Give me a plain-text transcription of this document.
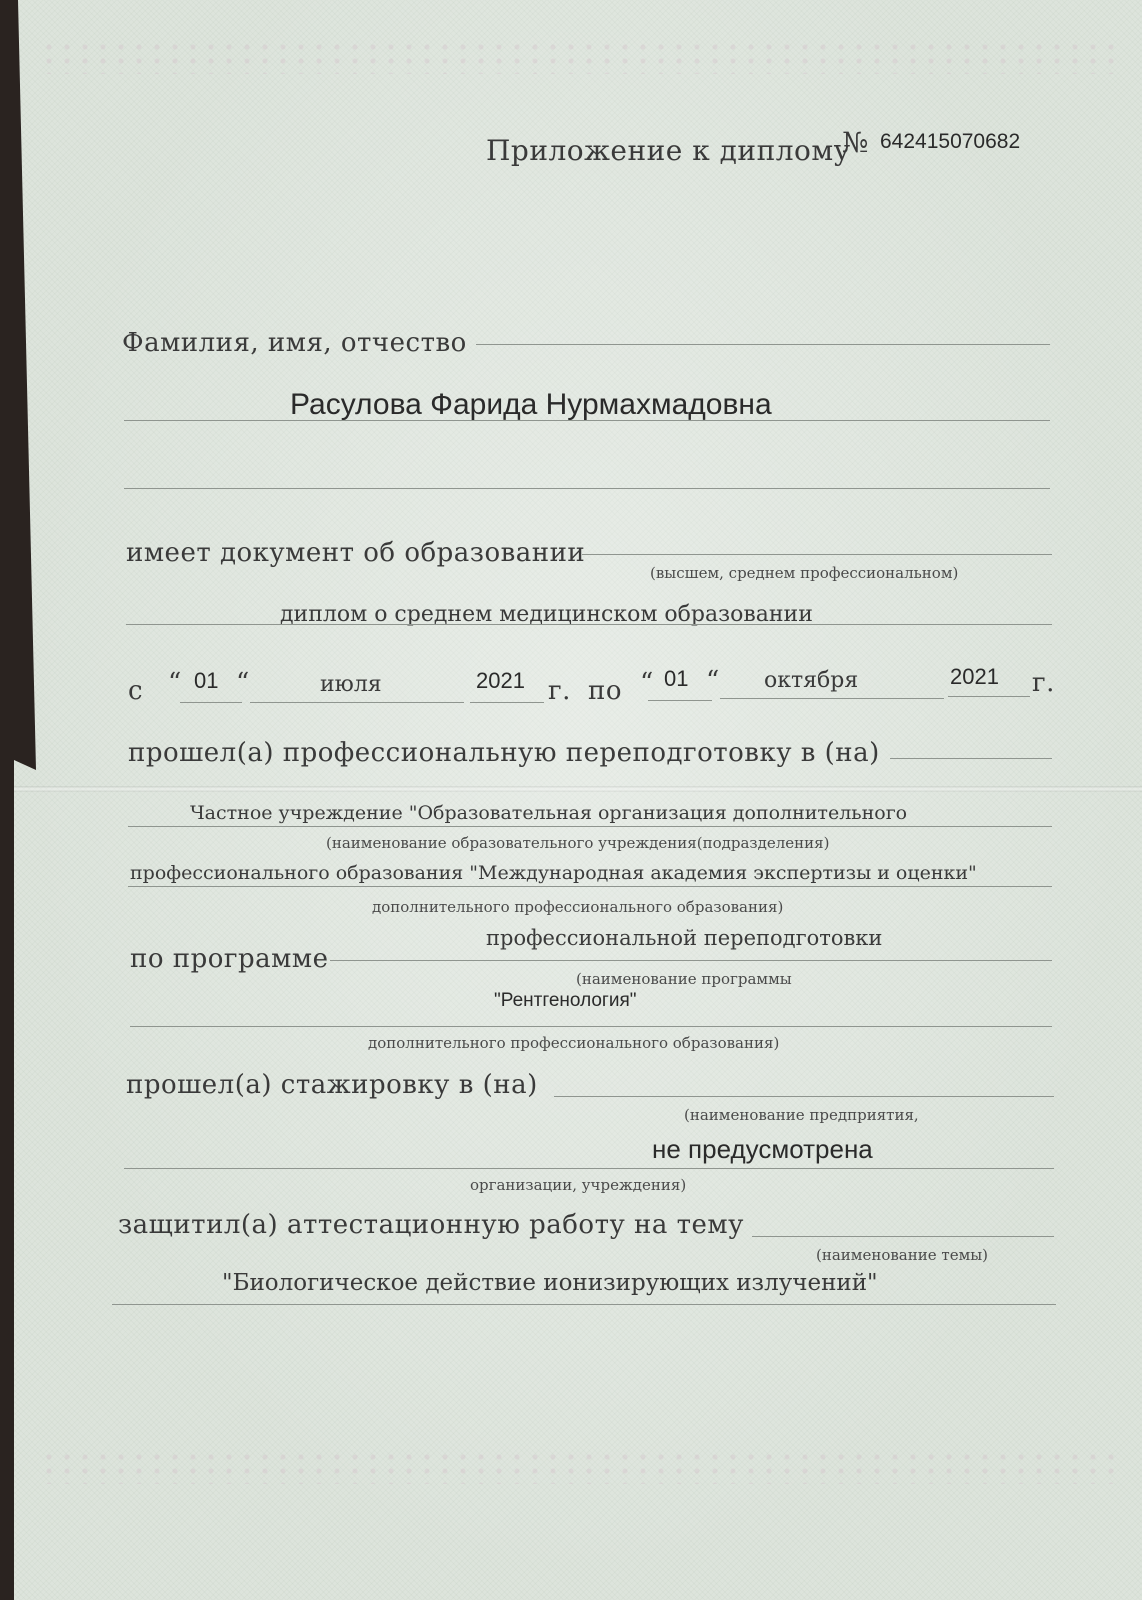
Приложение к диплому
№ 642415070682
Фамилия, имя, отчество
Расулова Фарида Нурмахмадовна
имеет документ об образовании
(высшем, среднем профессиональном)
диплом о среднем медицинском образовании
с “ 01 “	июля	2021 г. по “ 01 “ октября	2021 г.
прошел(а) профессиональную переподготовку в (на)
Частное учреждение "Образовательная организация дополнительного
(наименование образовательного учреждения(подразделения)
профессионального образования "Международная академия экспертизы и оценки"
дополнительного профессионального образования)
по программе
профессиональной переподготовки
(наименование программы
"Рентгенология"
дополнительного профессионального образования)
прошел(а) стажировку в (на)
(наименование предприятия,
не предусмотрена
организации, учреждения)
защитил(а) аттестационную работу на тему
(наименование темы)
"Биологическое действие ионизирующих излучений"
